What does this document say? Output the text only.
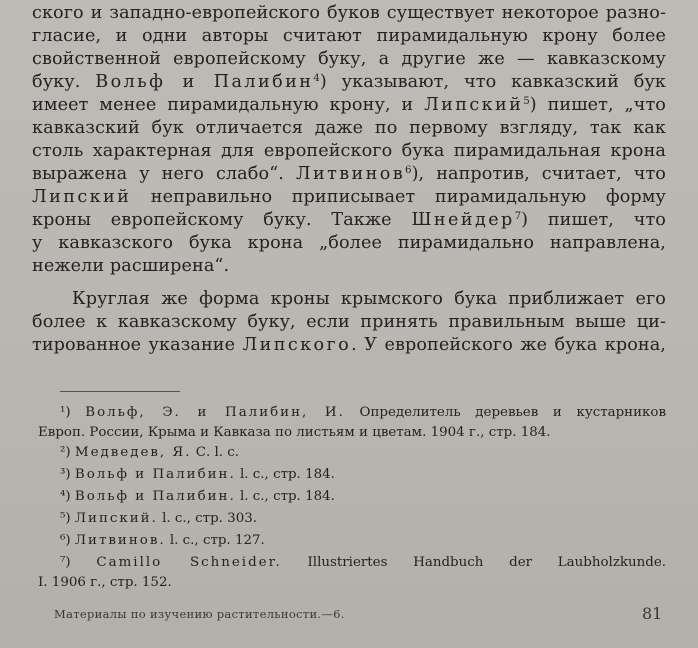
ского и западно-европейского буков существует некоторое разно-
гласие, и одни авторы считают пирамидальную крону более
свойственной европейскому буку, а другие же — кавказскому
буку. Вольф и Палибин$^4$) указывают, что кавказский бук
имеет менее пирамидальную крону, и Липский$^5$) пишет, „что
кавказский бук отличается даже по первому взгляду, так как
столь характерная для европейского бука пирамидальная крона
выражена у него слабо“. Литвинов$^6$), напротив, считает, что
Липский неправильно приписывает пирамидальную форму
кроны европейскому буку. Также Шнейдер$^7$) пишет, что
у кавказского бука крона „более пирамидально направлена,
нежели расширена“.
Круглая же форма кроны крымского бука приближает его
более к кавказскому буку, если принять правильным выше ци-
тированное указание Липского. У европейского же бука крона,
¹) Вольф, Э. и Палибин, И. Определитель деревьев и кустарников
Европ. России, Крыма и Кавказа по листьям и цветам. 1904 г., стр. 184.
²) Медведев, Я. С. l. c.
³) Вольф и Палибин. l. c., стр. 184.
⁴) Вольф и Палибин. l. c., стр. 184.
⁵) Липский. l. c., стр. 303.
⁶) Литвинов. l. c., стр. 127.
⁷) Camillo Schneider. Illustriertes Handbuch der Laubholzkunde.
I. 1906 г., стр. 152.
Материалы по изучению растительности.—6.	81
